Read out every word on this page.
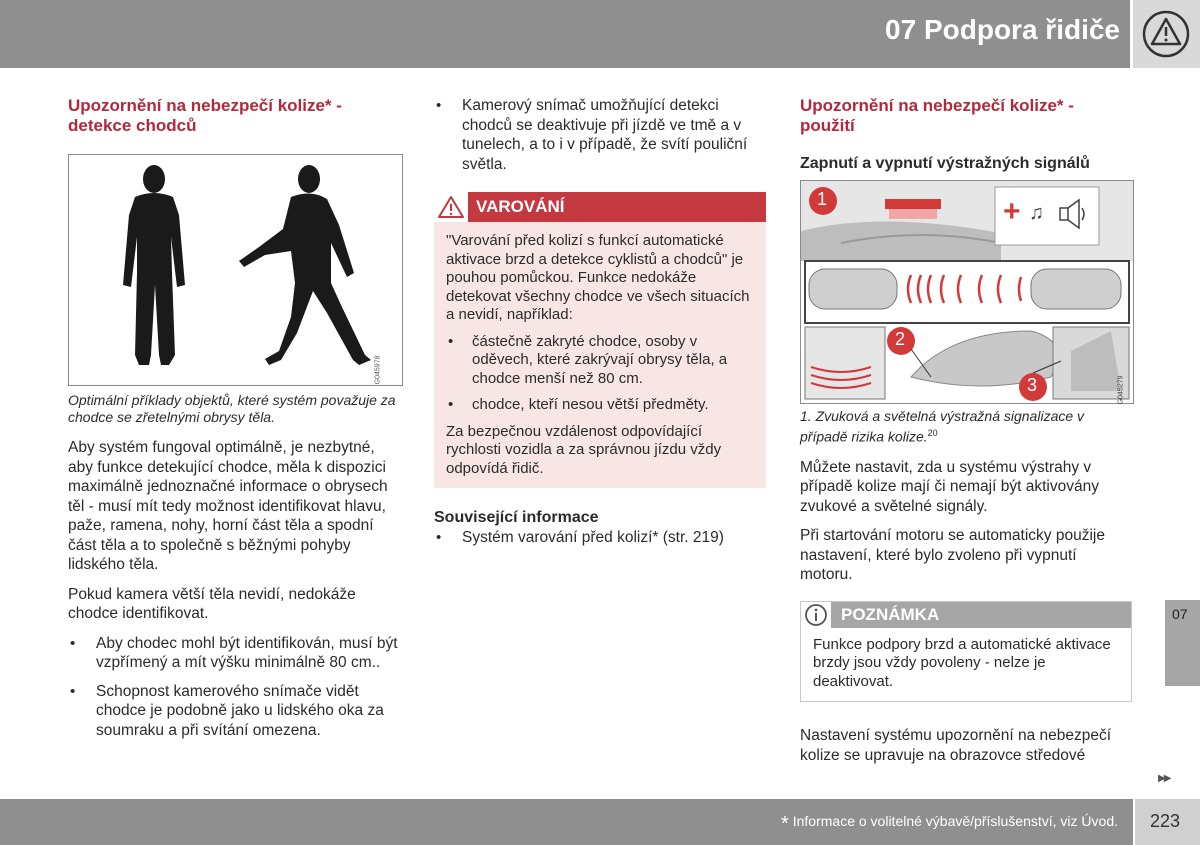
07 Podpora řidiče
Upozornění na nebezpečí kolize* - detekce chodců
G045978

Optimální příklady objektů, které systém považuje za chodce se zřetelnými obrysy těla.

Aby systém fungoval optimálně, je nezbytné, aby funkce detekující chodce, měla k dispozici maximálně jednoznačné informace o obrysech těl - musí mít tedy možnost identifikovat hlavu, paže, ramena, nohy, horní část těla a spodní část těla a to společně s běžnými pohyby lidského těla.

Pokud kamera větší těla nevidí, nedokáže chodce identifikovat.

• Aby chodec mohl být identifikován, musí být vzpřímený a mít výšku minimálně 80 cm..
• Schopnost kamerového snímače vidět chodce je podobně jako u lidského oka za soumraku a při svítání omezena.
• Kamerový snímač umožňující detekci chodců se deaktivuje při jízdě ve tmě a v tunelech, a to i v případě, že svítí pouliční světla.
VAROVÁNÍ

"Varování před kolizí s funkcí automatické aktivace brzd a detekce cyklistů a chodců" je pouhou pomůckou. Funkce nedokáže detekovat všechny chodce ve všech situacích a nevidí, například:

• částečně zakryté chodce, osoby v oděvech, které zakrývají obrysy těla, a chodce menší než 80 cm.
• chodce, kteří nesou větší předměty.

Za bezpečnou vzdálenost odpovídající rychlosti vozidla a za správnou jízdu vždy odpovídá řidič.

Související informace
• Systém varování před kolizí* (str. 219)
Upozornění na nebezpečí kolize* - použití
Zapnutí a vypnutí výstražných signálů
+ ♫
1
2
3	G045279

1. Zvuková a světelná výstražná signalizace v případě rizika kolize.$^{20}$

Můžete nastavit, zda u systému výstrahy v případě kolize mají či nemají být aktivovány zvukové a světelné signály.

Při startování motoru se automaticky použije nastavení, které bylo zvoleno při vypnutí motoru.

POZNÁMKA
Funkce podpory brzd a automatické aktivace brzdy jsou vždy povoleny - nelze je deaktivovat.

Nastavení systému upozornění na nebezpečí kolize se upravuje na obrazovce středové

07
▶▶
* Informace o volitelné výbavě/příslušenství, viz Úvod. 223
